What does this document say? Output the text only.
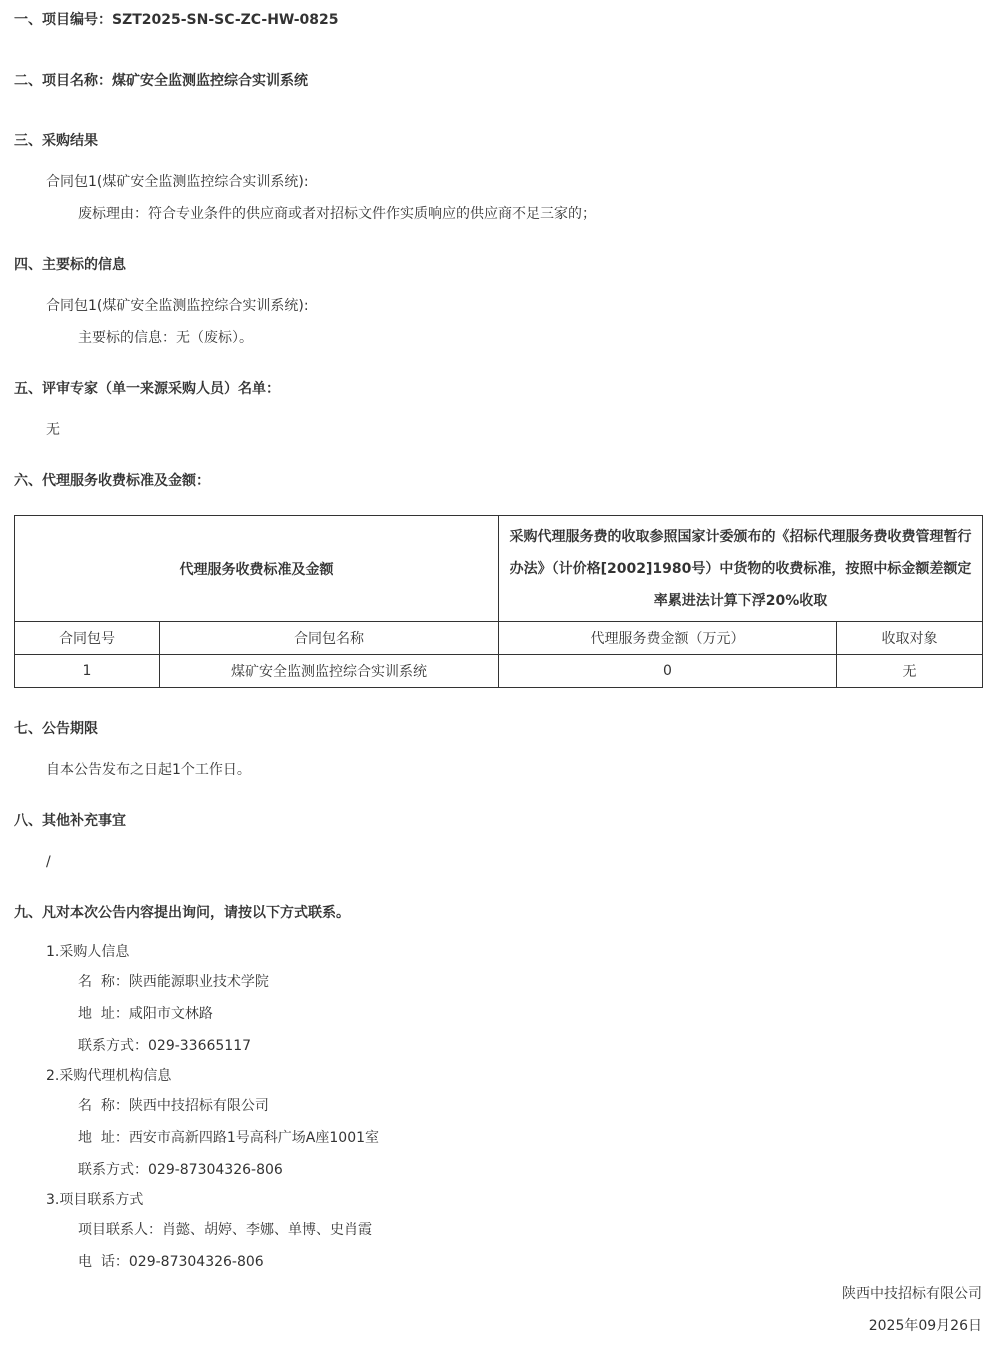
一、项目编号：SZT2025-SN-SC-ZC-HW-0825
二、项目名称：煤矿安全监测监控综合实训系统
三、采购结果
合同包1(煤矿安全监测监控综合实训系统):
废标理由：符合专业条件的供应商或者对招标文件作实质响应的供应商不足三家的；
四、主要标的信息
合同包1(煤矿安全监测监控综合实训系统):
主要标的信息：无（废标）。
五、评审专家（单一来源采购人员）名单：
无
六、代理服务收费标准及金额：
代理服务收费标准及金额		采购代理服务费的收取参照国家计委颁布的《招标代理服务费收费管理暂行办法》（计价格[2002]1980号）中货物的收费标准，按照中标金额差额定率累进法计算下浮20%收取	
合同包号	合同包名称	代理服务费金额（万元）	收取对象
1	煤矿安全监测监控综合实训系统	0	无
七、公告期限
自本公告发布之日起1个工作日。
八、其他补充事宜
/
九、凡对本次公告内容提出询问，请按以下方式联系。
1.采购人信息
名  称：陕西能源职业技术学院
地  址：咸阳市文林路
联系方式：029-33665117
2.采购代理机构信息
名  称：陕西中技招标有限公司
地  址：西安市高新四路1号高科广场A座1001室
联系方式：029-87304326-806
3.项目联系方式
项目联系人：肖懿、胡婷、李娜、单博、史肖霞
电  话：029-87304326-806
陕西中技招标有限公司
2025年09月26日
